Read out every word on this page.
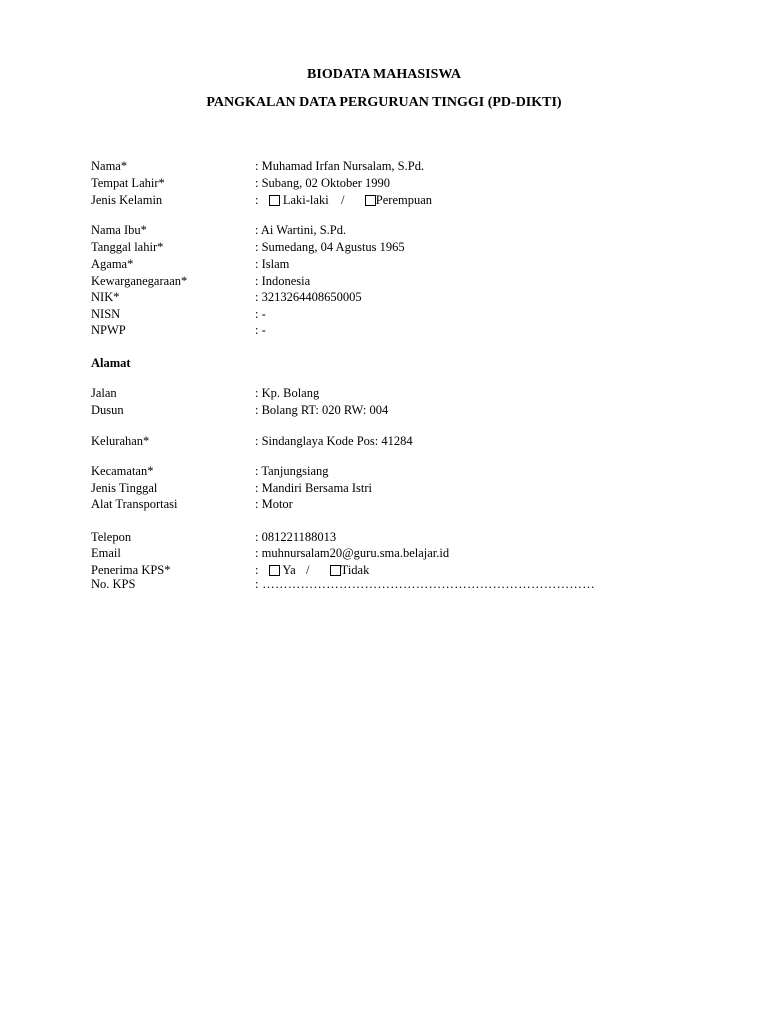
BIODATA MAHASISWA
PANGKALAN DATA PERGURUAN TINGGI (PD-DIKTI)
Nama*	: Muhamad Irfan Nursalam, S.Pd.
Tempat Lahir*	: Subang, 02 Oktober 1990
Jenis Kelamin	: Laki-laki /	Perempuan
Nama Ibu*	: Ai Wartini, S.Pd.
Tanggal lahir*	: Sumedang, 04 Agustus 1965
Agama*	: Islam
Kewarganegaraan*	: Indonesia
NIK*	: 3213264408650005
NISN	: -
NPWP	: -
Alamat
Jalan	: Kp. Bolang
Dusun	: Bolang RT: 020 RW: 004
Kelurahan*	: Sindanglaya Kode Pos: 41284
Kecamatan*	: Tanjungsiang
Jenis Tinggal	: Mandiri Bersama Istri
Alat Transportasi	: Motor
Telepon	: 081221188013
Email	: muhnursalam20@guru.sma.belajar.id
Penerima KPS*	: Ya / Tidak
No. KPS	: ……………………………………………………………………
